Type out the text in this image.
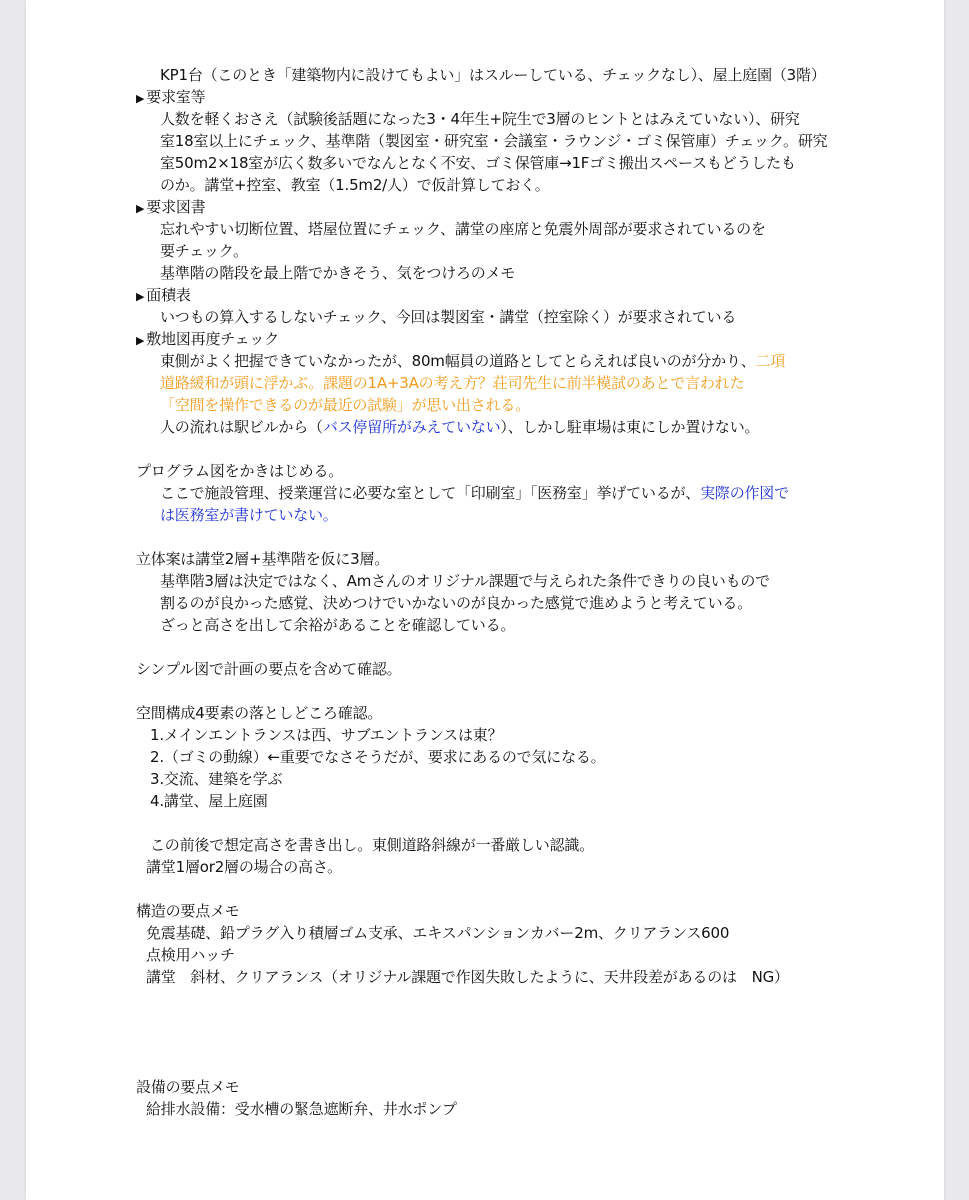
KP1台（このとき「建築物内に設けてもよい」はスルーしている、チェックなし）、屋上庭園（3階）
▶ 要求室等
人数を軽くおさえ（試験後話題になった3・4年生+院生で3層のヒントとはみえていない）、研究
室18室以上にチェック、基準階（製図室・研究室・会議室・ラウンジ・ゴミ保管庫）チェック。研究
室50m2×18室が広く数多いでなんとなく不安、ゴミ保管庫→1Fゴミ搬出スペースもどうしたも
のか。講堂+控室、教室（1.5m2/人）で仮計算しておく。
▶ 要求図書
忘れやすい切断位置、塔屋位置にチェック、講堂の座席と免震外周部が要求されているのを
要チェック。
基準階の階段を最上階でかきそう、気をつけろのメモ
▶ 面積表
いつもの算入するしないチェック、今回は製図室・講堂（控室除く）が要求されている
▶ 敷地図再度チェック
東側がよく把握できていなかったが、80m幅員の道路としてとらえれば良いのが分かり、二項
道路緩和が頭に浮かぶ。課題の1A+3Aの考え方？荘司先生に前半模試のあとで言われた
「空間を操作できるのが最近の試験」が思い出される。
人の流れは駅ビルから（バス停留所がみえていない）、しかし駐車場は東にしか置けない。
プログラム図をかきはじめる。
ここで施設管理、授業運営に必要な室として「印刷室」「医務室」挙げているが、実際の作図で
は医務室が書けていない。
立体案は講堂2層+基準階を仮に3層。
基準階3層は決定ではなく、Amさんのオリジナル課題で与えられた条件できりの良いもので
割るのが良かった感覚、決めつけでいかないのが良かった感覚で進めようと考えている。
ざっと高さを出して余裕があることを確認している。
シンプル図で計画の要点を含めて確認。
空間構成4要素の落としどころ確認。
1.メインエントランスは西、サブエントランスは東？
2.（ゴミの動線）←重要でなさそうだが、要求にあるので気になる。
3.交流、建築を学ぶ
4.講堂、屋上庭園
この前後で想定高さを書き出し。東側道路斜線が一番厳しい認識。
講堂1層or2層の場合の高さ。
構造の要点メモ
免震基礎、鉛プラグ入り積層ゴム支承、エキスパンションカバー2m、クリアランス600
点検用ハッチ
講堂　斜材、クリアランス（オリジナル課題で作図失敗したように、天井段差があるのは　NG）
設備の要点メモ
給排水設備：受水槽の緊急遮断弁、井水ポンプ
